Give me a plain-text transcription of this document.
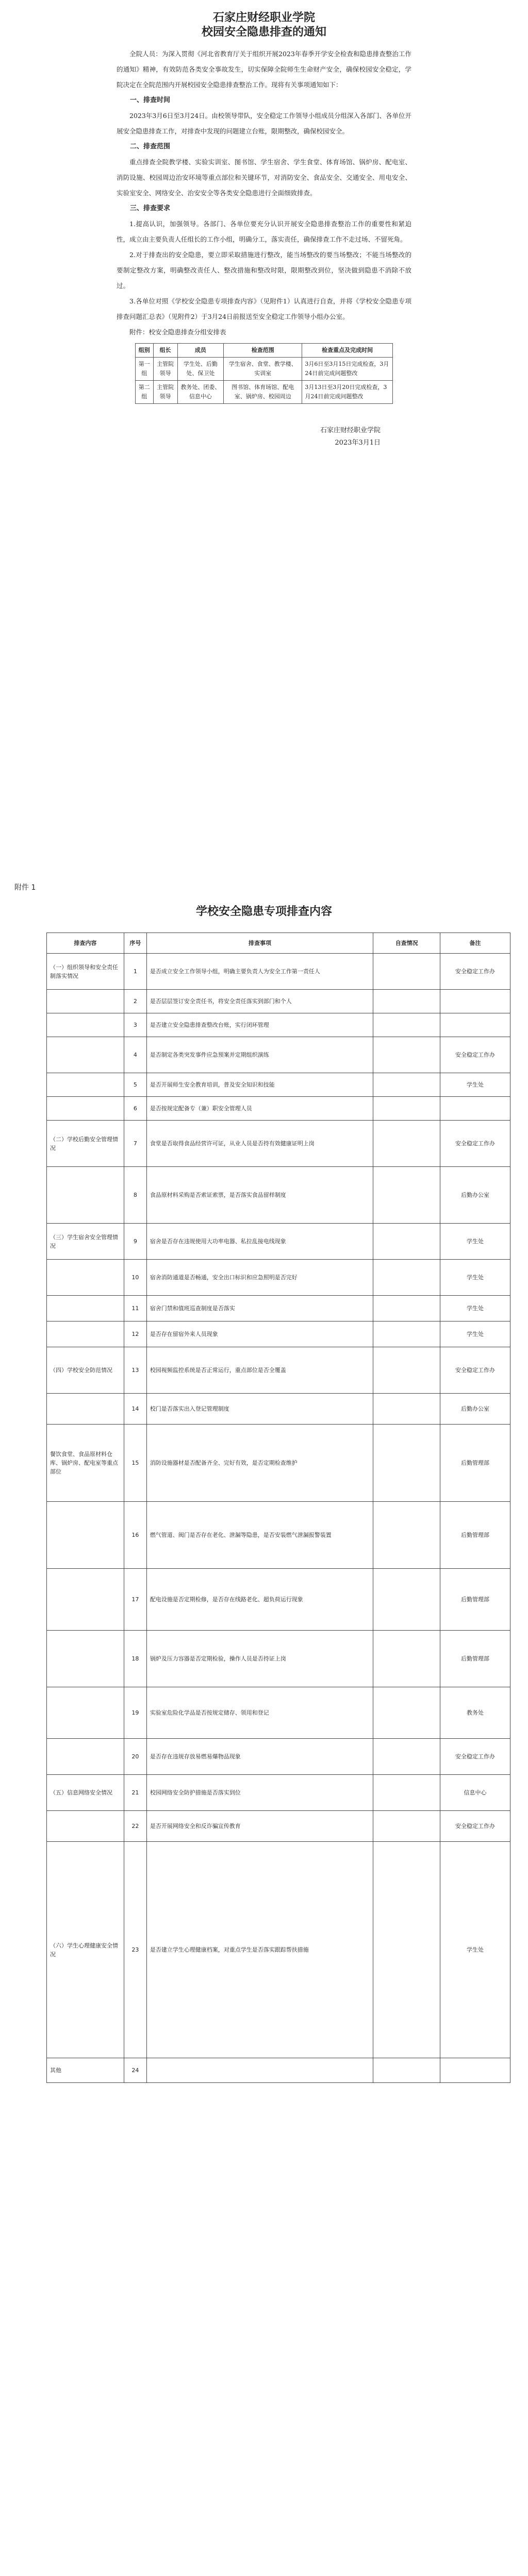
石家庄财经职业学院
校园安全隐患排查的通知

全院人员：为深入贯彻《河北省教育厅关于组织开展2023年春季开学安全检查和隐患排查整治工作的通知》精神，有效防范各类安全事故发生，切实保障全院师生生命财产安全，确保校园安全稳定，学院决定在全院范围内开展校园安全隐患排查整治工作。现将有关事项通知如下：

一、排查时间

2023年3月6日至3月24日。由校领导带队，安全稳定工作领导小组成员分组深入各部门、各单位开展安全隐患排查工作，对排查中发现的问题建立台账，限期整改，确保校园安全。

二、排查范围

重点排查全院教学楼、实验实训室、图书馆、学生宿舍、学生食堂、体育场馆、锅炉房、配电室、消防设施、校园周边治安环境等重点部位和关键环节，对消防安全、食品安全、交通安全、用电安全、实验室安全、网络安全、治安安全等各类安全隐患进行全面细致排查。

三、排查要求

1.提高认识，加强领导。各部门、各单位要充分认识开展安全隐患排查整治工作的重要性和紧迫性，成立由主要负责人任组长的工作小组，明确分工，落实责任，确保排查工作不走过场、不留死角。

2.对于排查出的安全隐患，要立即采取措施进行整改，能当场整改的要当场整改；不能当场整改的要制定整改方案，明确整改责任人、整改措施和整改时限，限期整改到位，坚决做到隐患不消除不放过。

3.各单位对照《学校安全隐患专项排查内容》（见附件1）认真进行自查，并将《学校安全隐患专项排查问题汇总表》（见附件2）于3月24日前报送至安全稳定工作领导小组办公室。

附件：校安全隐患排查分组安排表

组别	组长	成员	检查范围	检查重点及完成时间
第一组	主管院领导	学生处、后勤处、保卫处	学生宿舍、食堂、教学楼、实训室	3月6日至3月15日完成检查，3月24日前完成问题整改
第二组	主管院领导	教务处、团委、信息中心	图书馆、体育场馆、配电室、锅炉房、校园周边	3月13日至3月20日完成检查，3月24日前完成问题整改

石家庄财经职业学院

2023年3月1日

附件 1
学校安全隐患专项排查内容
排查内容	序号	排查事项	自查情况	备注
（一）组织领导和安全责任制落实情况	1	是否成立安全工作领导小组，明确主要负责人为安全工作第一责任人		安全稳定工作办
	2	是否层层签订安全责任书，将安全责任落实到部门和个人		
	3	是否建立安全隐患排查整改台账，实行闭环管理		
	4	是否制定各类突发事件应急预案并定期组织演练		安全稳定工作办
	5	是否开展师生安全教育培训，普及安全知识和技能		学生处
	6	是否按规定配备专（兼）职安全管理人员		
（二）学校后勤安全管理情况	7	食堂是否取得食品经营许可证，从业人员是否持有效健康证明上岗		安全稳定工作办
	8	食品原材料采购是否索证索票，是否落实食品留样制度		后勤办公室
（三）学生宿舍安全管理情况	9	宿舍是否存在违规使用大功率电器、私拉乱接电线现象		学生处
	10	宿舍消防通道是否畅通，安全出口标识和应急照明是否完好		学生处
	11	宿舍门禁和值班巡查制度是否落实		学生处
	12	是否存在留宿外来人员现象		学生处
（四）学校安全防范情况	13	校园视频监控系统是否正常运行，重点部位是否全覆盖		安全稳定工作办
	14	校门是否落实出入登记管理制度		后勤办公室
餐饮食堂、食品原材料仓库、锅炉房、配电室等重点部位	15	消防设施器材是否配备齐全、完好有效，是否定期检查维护		后勤管理部
	16	燃气管道、阀门是否存在老化、泄漏等隐患，是否安装燃气泄漏报警装置		后勤管理部
	17	配电设施是否定期检修，是否存在线路老化、超负荷运行现象		后勤管理部
	18	锅炉及压力容器是否定期检验，操作人员是否持证上岗		后勤管理部
	19	实验室危险化学品是否按规定储存、领用和登记		教务处
	20	是否存在违规存放易燃易爆物品现象		安全稳定工作办
（五）信息网络安全情况	21	校园网络安全防护措施是否落实到位		信息中心
	22	是否开展网络安全和反诈骗宣传教育		安全稳定工作办
（六）学生心理健康安全情况	23	是否建立学生心理健康档案，对重点学生是否落实跟踪帮扶措施		学生处
其他	24			
